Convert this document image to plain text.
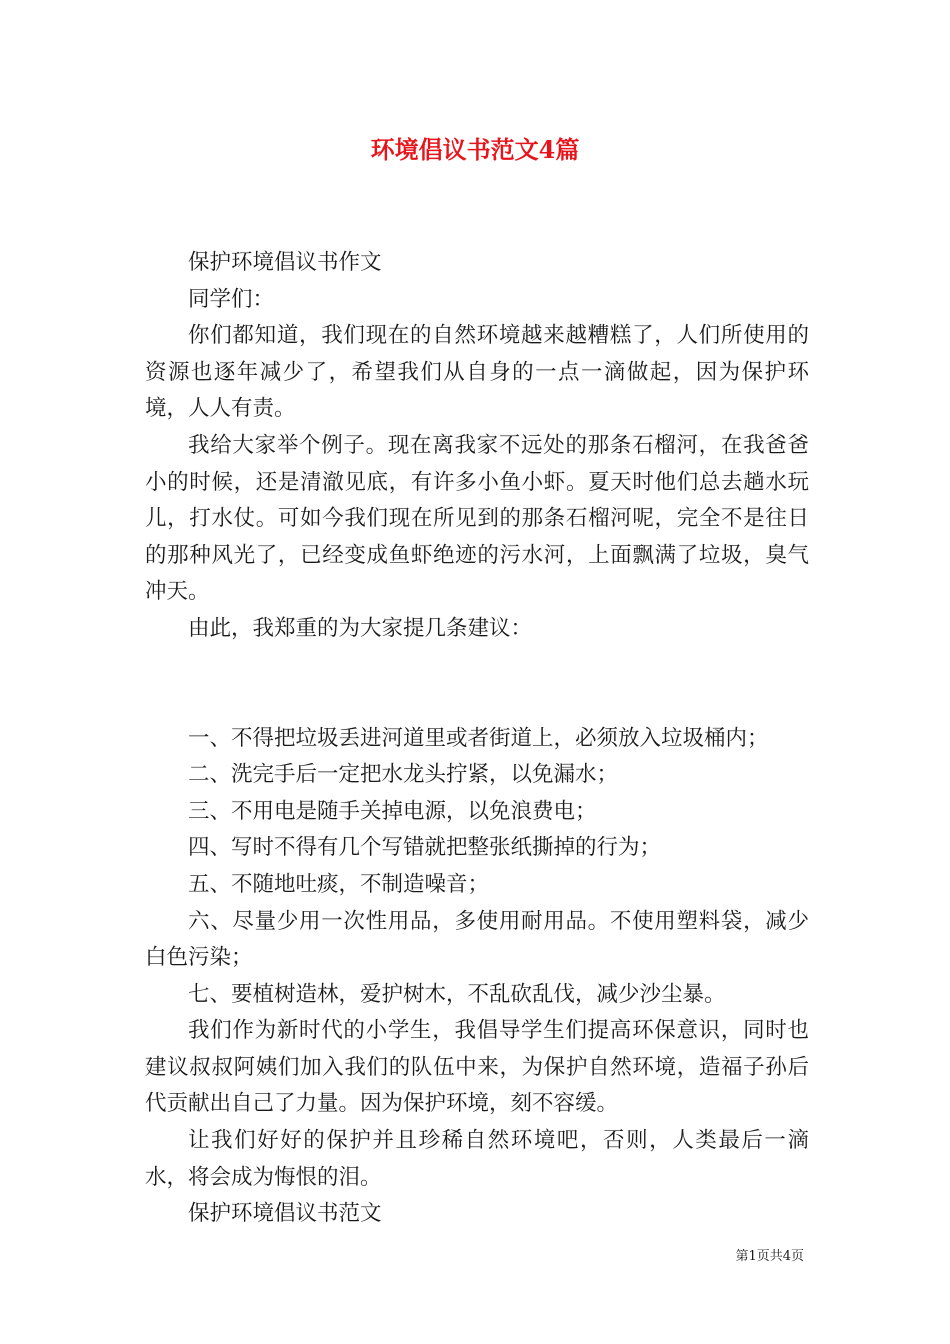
环境倡议书范文4篇

保护环境倡议书作文

同学们：

你们都知道，我们现在的自然环境越来越糟糕了，人们所使用的资源也逐年减少了，希望我们从自身的一点一滴做起，因为保护环境，人人有责。

我给大家举个例子。现在离我家不远处的那条石榴河，在我爸爸小的时候，还是清澈见底，有许多小鱼小虾。夏天时他们总去趟水玩儿，打水仗。可如今我们现在所见到的那条石榴河呢，完全不是往日的那种风光了，已经变成鱼虾绝迹的污水河，上面飘满了垃圾，臭气冲天。

由此，我郑重的为大家提几条建议：

一、不得把垃圾丢进河道里或者街道上，必须放入垃圾桶内；

二、洗完手后一定把水龙头拧紧，以免漏水；

三、不用电是随手关掉电源，以免浪费电；

四、写时不得有几个写错就把整张纸撕掉的行为；

五、不随地吐痰，不制造噪音；

六、尽量少用一次性用品，多使用耐用品。不使用塑料袋，减少白色污染；

七、要植树造林，爱护树木，不乱砍乱伐，减少沙尘暴。

我们作为新时代的小学生，我倡导学生们提高环保意识，同时也建议叔叔阿姨们加入我们的队伍中来，为保护自然环境，造福子孙后代贡献出自己了力量。因为保护环境，刻不容缓。

让我们好好的保护并且珍稀自然环境吧，否则，人类最后一滴水，将会成为悔恨的泪。

保护环境倡议书范文

第1页共4页
